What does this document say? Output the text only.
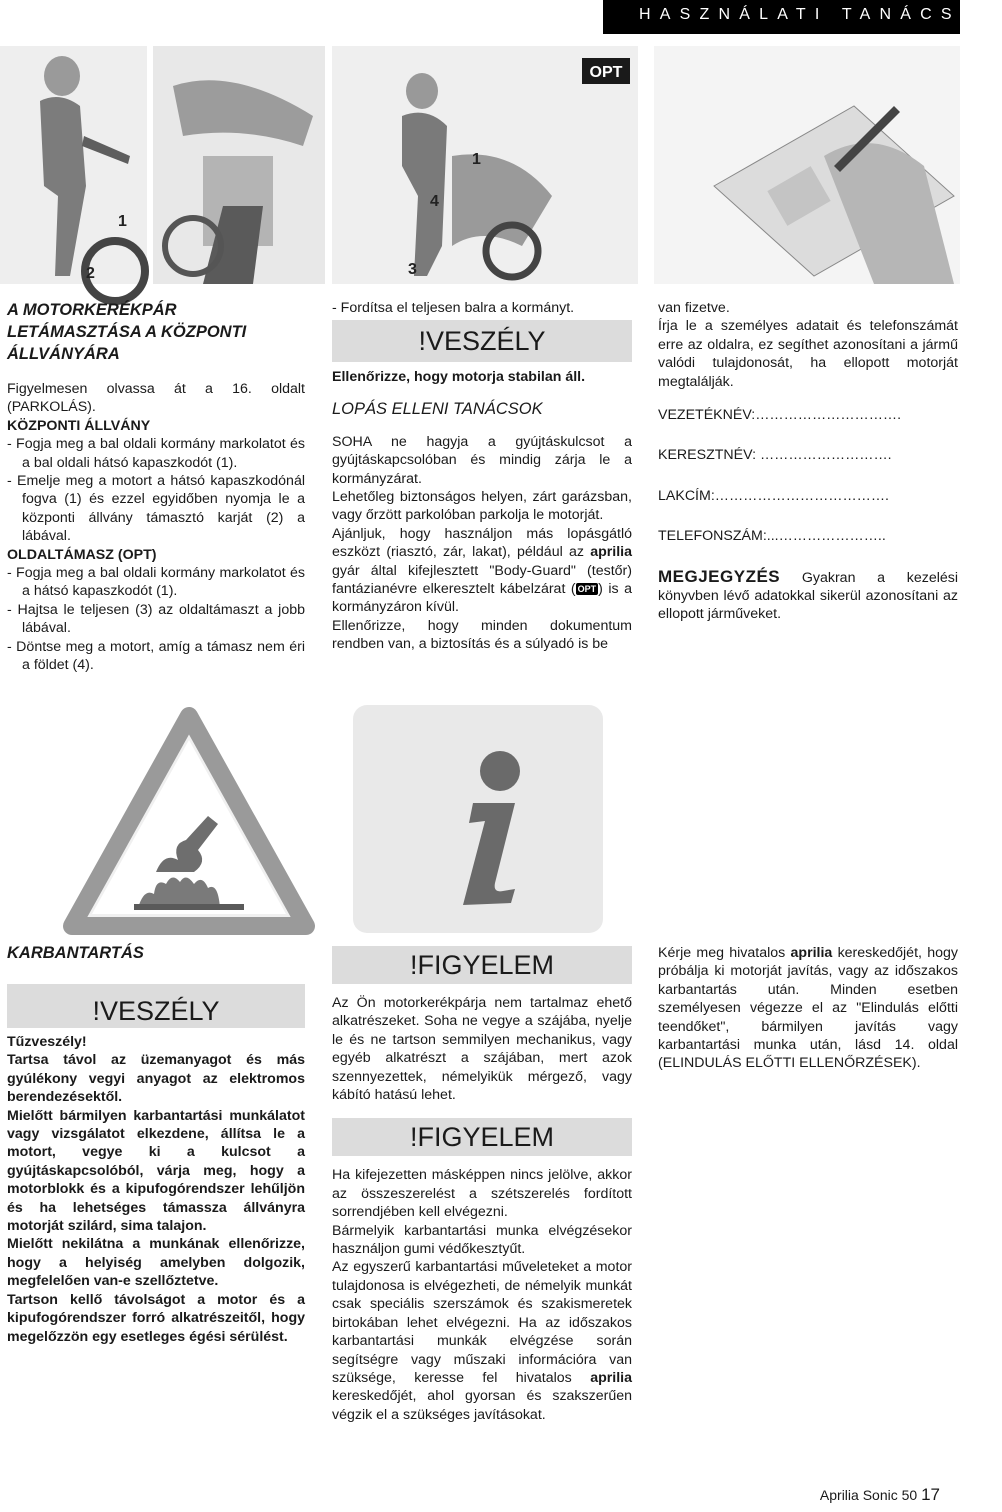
HASZNÁLATI TANÁCSOK
1
2
OPT
1
4
3
A MOTORKERÉKPÁR
LETÁMASZTÁSA A KÖZPONTI
ÁLLVÁNYÁRA

Figyelmesen olvassa át a 16. oldalt (PARKOLÁS).

KÖZPONTI ÁLLVÁNY

- Fogja meg a bal oldali kormány markolatot és a bal oldali hátsó kapaszkodót (1).

- Emelje meg a motort a hátsó kapaszkodónál fogva (1) és ezzel egyidőben nyomja le a központi állvány támasztó karját (2) a lábával.

OLDALTÁMASZ (OPT)

- Fogja meg a bal oldali kormány markolatot és a hátsó kapaszkodót (1).

- Hajtsa le teljesen (3) az oldaltámaszt a jobb lábával.

- Döntse meg a motort, amíg a támasz nem éri a földet (4).

- Fordítsa el teljesen balra a kormányt.

!VESZÉLY

Ellenőrizze, hogy motorja stabilan áll.

LOPÁS ELLENI TANÁCSOK

SOHA ne hagyja a gyújtáskulcsot a gyújtáskapcsolóban és mindig zárja le a kormányzárat.

Lehetőleg biztonságos helyen, zárt garázsban, vagy őrzött parkolóban parkolja le motorját.

Ajánljuk, hogy használjon más lopásgátló eszközt (riasztó, zár, lakat), például az aprilia gyár által kifejlesztett "Body-Guard" (testőr) fantázianévre elkeresztelt kábelzárat ( OPT ) is a kormányzáron kívül.

Ellenőrizze, hogy minden dokumentum rendben van, a biztosítás és a súlyadó is be

van fizetve.

Írja le a személyes adatait és telefonszámát erre az oldalra, ez segíthet azonosítani a jármű valódi tulajdonosát, ha ellopott motorját megtalálják.

VEZETÉKNÉV:………………………….
KERESZTNÉV: ……………………….
LAKCÍM:……………………………….
TELEFONSZÁM:...…………………..

MEGJEGYZÉS Gyakran a kezelési könyvben lévő adatokkal sikerül azonosítani az ellopott járműveket.

KARBANTARTÁS
!VESZÉLY

Tűzveszély!

Tartsa távol az üzemanyagot és más gyúlékony vegyi anyagot az elektromos berendezésektől.

Mielőtt bármilyen karbantartási munkálatot vagy vizsgálatot elkezdene, állítsa le a motort, vegye ki a kulcsot a gyújtáskapcsolóból, várja meg, hogy a motorblokk és a kipufogórendszer lehűljön és ha lehetséges támassza állványra motorját szilárd, sima talajon.

Mielőtt nekilátna a munkának ellenőrizze, hogy a helyiség amelyben dolgozik, megfelelően van-e szellőztetve.

Tartson kellő távolságot a motor és a kipufogórendszer forró alkatrészeitől, hogy megelőzzön egy esetleges égési sérülést.

!FIGYELEM

Az Ön motorkerékpárja nem tartalmaz ehető alkatrészeket. Soha ne vegye a szájába, nyelje le és ne tartson semmilyen mechanikus, vagy egyéb alkatrészt a szájában, mert azok szennyezettek, némelyikük mérgező, vagy kábító hatású lehet.

!FIGYELEM

Ha kifejezetten másképpen nincs jelölve, akkor az összeszerelést a szétszerelés fordított sorrendjében kell elvégezni.

Bármelyik karbantartási munka elvégzésekor használjon gumi védőkesztyűt.

Az egyszerű karbantartási műveleteket a motor tulajdonosa is elvégezheti, de némelyik munkát csak speciális szerszámok és szakismeretek birtokában lehet elvégezni. Ha az időszakos karbantartási munkák elvégzése során segítségre vagy műszaki információra van szüksége, keresse fel hivatalos aprilia kereskedőjét, ahol gyorsan és szakszerűen végzik el a szükséges javításokat.

Kérje meg hivatalos aprilia kereskedőjét, hogy próbálja ki motorját javítás, vagy az időszakos karbantartás után. Minden esetben személyesen végezze el az "Elindulás előtti teendőket", bármilyen javítás vagy karbantartási munka után, lásd 14. oldal (ELINDULÁS ELŐTTI ELLENŐRZÉSEK).

Aprilia Sonic 50 17
